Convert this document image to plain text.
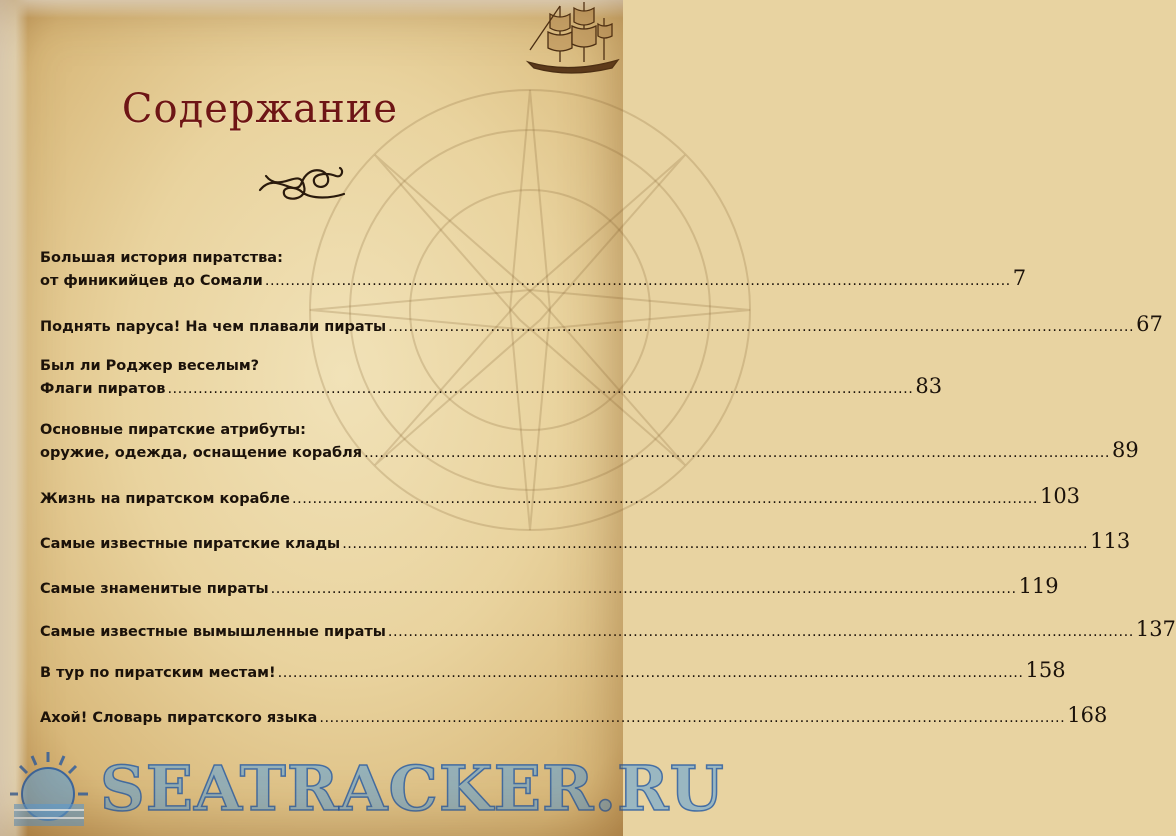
Содержание
Большая история пиратства:
от финикийцев до Сомали .....	7
Поднять паруса! На чем плавали пираты .....	67
Был ли Роджер веселым?
Флаги пиратов .....	83
Основные пиратские атрибуты:
оружие, одежда, оснащение корабля .....	89
Жизнь на пиратском корабле .....	103
Самые известные пиратские клады .....	113
Самые знаменитые пираты .....	119
Самые известные вымышленные пираты .....	137
В тур по пиратским местам! .....	158
Ахой! Словарь пиратского языка .....	168
SEATRACKER.RU
